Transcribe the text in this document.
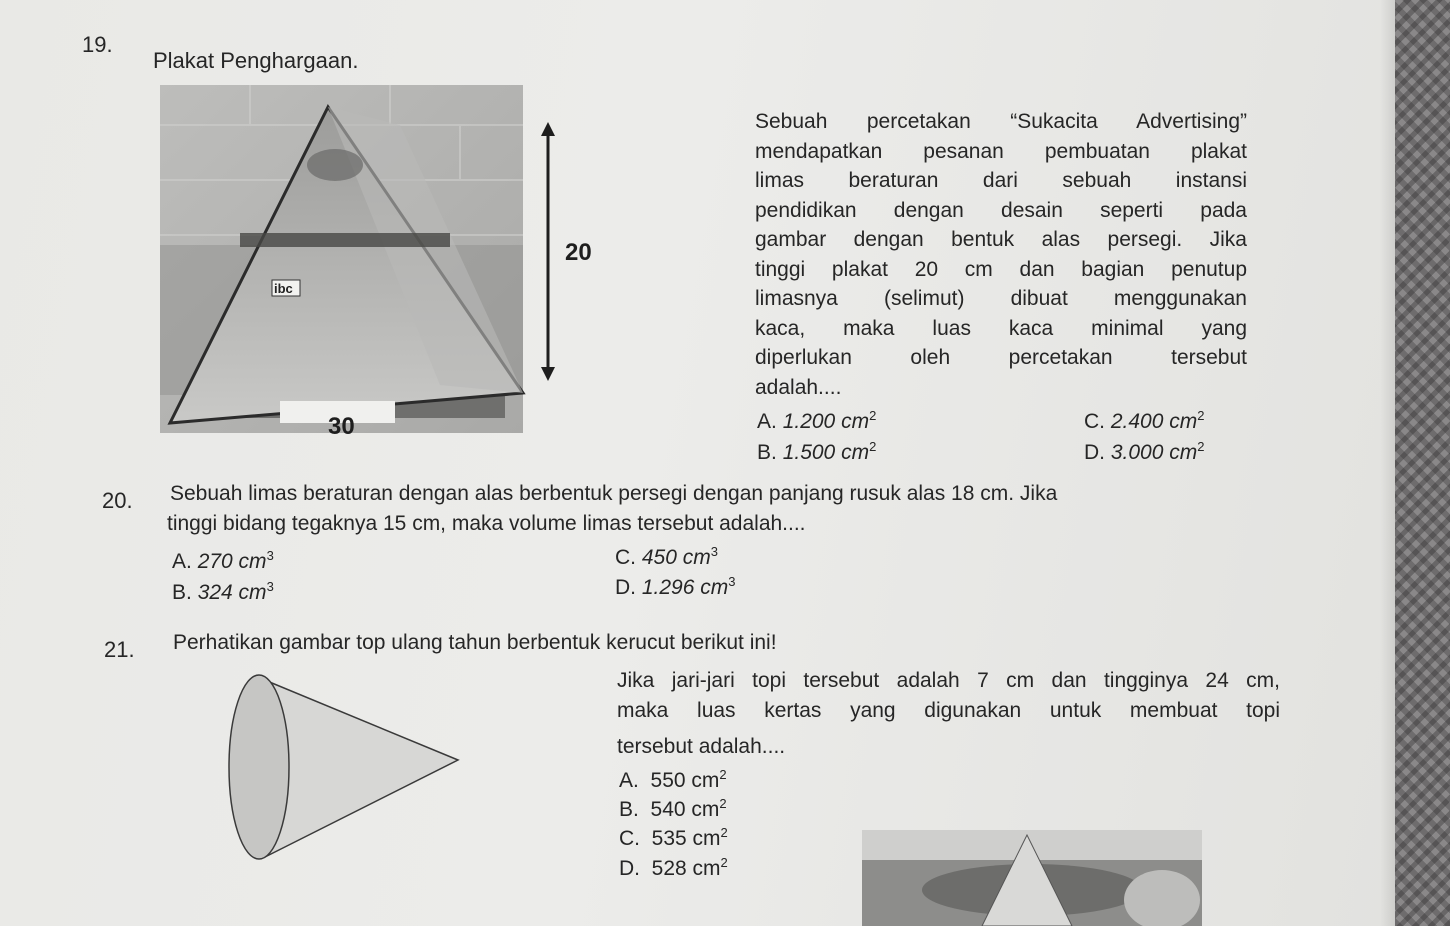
19.
Plakat Penghargaan.
ibc
20
30
Sebuah percetakan “Sukacita Advertising”
mendapatkan pesanan pembuatan plakat
limas beraturan dari sebuah instansi
pendidikan dengan desain seperti pada
gambar dengan bentuk alas persegi. Jika
tinggi plakat 20 cm dan bagian penutup
limasnya (selimut) dibuat menggunakan
kaca, maka luas kaca minimal yang
diperlukan oleh percetakan tersebut
adalah....
A. 1.200 $cm^2$
B. 1.500 $cm^2$
C. 2.400 $cm^2$
D. 3.000 $cm^2$
20. Sebuah limas beraturan dengan alas berbentuk persegi dengan panjang rusuk alas 18 cm. Jika
tinggi bidang tegaknya 15 cm, maka volume limas tersebut adalah....
A. 270 $cm^3$
B. 324 $cm^3$
C. 450 $cm^3$
D. 1.296 $cm^3$
21. Perhatikan gambar top ulang tahun berbentuk kerucut berikut ini!
Jika jari-jari topi tersebut adalah 7 cm dan tingginya 24 cm,
maka luas kertas yang digunakan untuk membuat topi
tersebut adalah....
A. 550 $cm^2$
B. 540 $cm^2$
C. 535 $cm^2$
D. 528 $cm^2$
